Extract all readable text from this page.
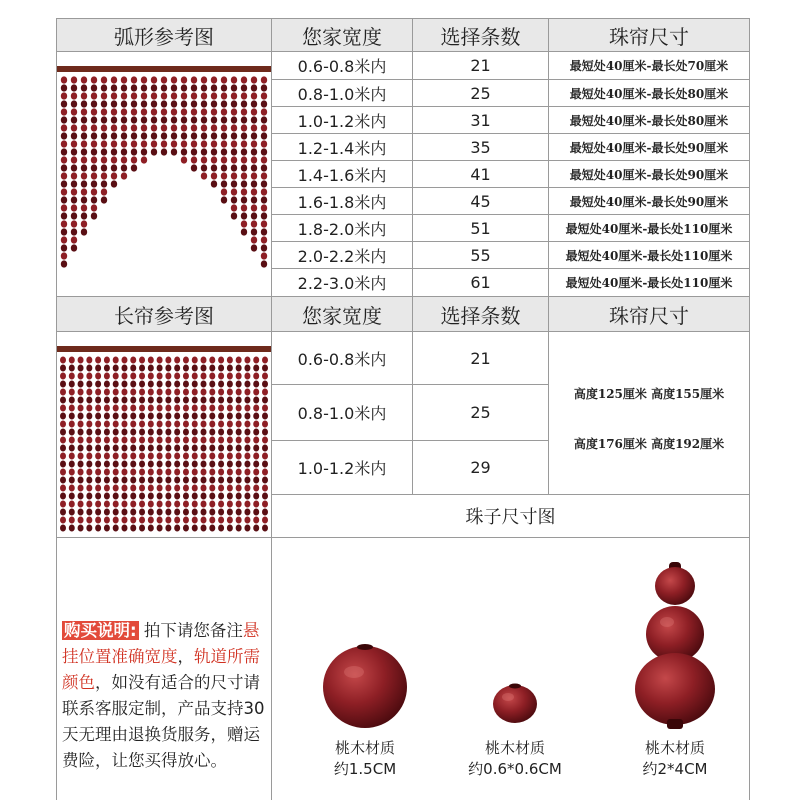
弧形参考图	您家宽度	选择条数	珠帘尺寸
0.6-0.8米内	21	最短处40厘米-最长处70厘米
0.8-1.0米内	25	最短处40厘米-最长处80厘米
1.0-1.2米内	31	最短处40厘米-最长处80厘米
1.2-1.4米内	35	最短处40厘米-最长处90厘米
1.4-1.6米内	41	最短处40厘米-最长处90厘米
1.6-1.8米内	45	最短处40厘米-最长处90厘米
1.8-2.0米内	51	最短处40厘米-最长处110厘米
2.0-2.2米内	55	最短处40厘米-最长处110厘米
2.2-3.0米内	61	最短处40厘米-最长处110厘米
长帘参考图	您家宽度	选择条数	珠帘尺寸
0.6-0.8米内	21
0.8-1.0米内	25
1.0-1.2米内	29
高度125厘米 高度155厘米
高度176厘米 高度192厘米
珠子尺寸图
桃木材质
约1.5CM
桃木材质
约0.6*0.6CM
桃木材质
约2*4CM
购买说明: 拍下请您备注悬挂位置准确宽度，轨道所需颜色，如没有适合的尺寸请联系客服定制，产品支持30天无理由退换货服务，赠运费险，让您买得放心。
